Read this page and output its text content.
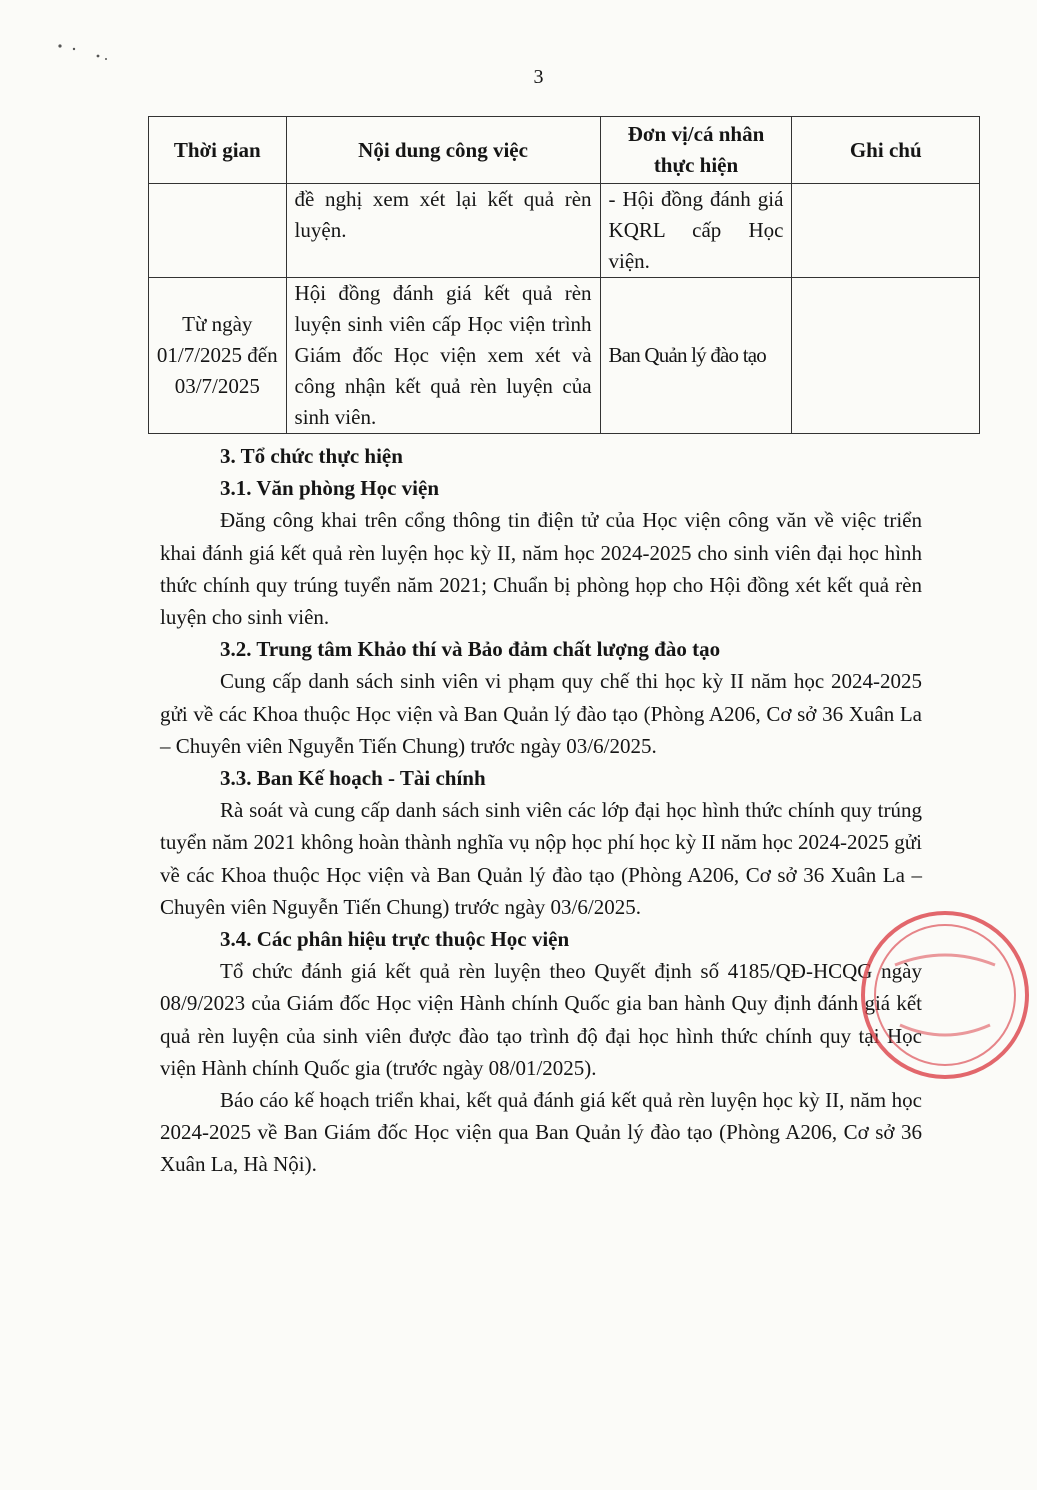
3
Thời gian	Nội dung công việc	Đơn vị/cá nhân thực hiện	Ghi chú
	đề nghị xem xét lại kết quả rèn luyện.	- Hội đồng đánh giá KQRL cấp Học viện.	
Từ ngày 01/7/2025 đến 03/7/2025	Hội đồng đánh giá kết quả rèn luyện sinh viên cấp Học viện trình Giám đốc Học viện xem xét và công nhận kết quả rèn luyện của sinh viên.	Ban Quản lý đào tạo	
3. Tổ chức thực hiện
3.1. Văn phòng Học viện

Đăng công khai trên cổng thông tin điện tử của Học viện công văn về việc triển khai đánh giá kết quả rèn luyện học kỳ II, năm học 2024-2025 cho sinh viên đại học hình thức chính quy trúng tuyển năm 2021; Chuẩn bị phòng họp cho Hội đồng xét kết quả rèn luyện cho sinh viên.

3.2. Trung tâm Khảo thí và Bảo đảm chất lượng đào tạo

Cung cấp danh sách sinh viên vi phạm quy chế thi học kỳ II năm học 2024-2025 gửi về các Khoa thuộc Học viện và Ban Quản lý đào tạo (Phòng A206, Cơ sở 36 Xuân La – Chuyên viên Nguyễn Tiến Chung) trước ngày 03/6/2025.

3.3. Ban Kế hoạch - Tài chính

Rà soát và cung cấp danh sách sinh viên các lớp đại học hình thức chính quy trúng tuyển năm 2021 không hoàn thành nghĩa vụ nộp học phí học kỳ II năm học 2024-2025 gửi về các Khoa thuộc Học viện và Ban Quản lý đào tạo (Phòng A206, Cơ sở 36 Xuân La – Chuyên viên Nguyễn Tiến Chung) trước ngày 03/6/2025.

3.4. Các phân hiệu trực thuộc Học viện

Tổ chức đánh giá kết quả rèn luyện theo Quyết định số 4185/QĐ-HCQG ngày 08/9/2023 của Giám đốc Học viện Hành chính Quốc gia ban hành Quy định đánh giá kết quả rèn luyện của sinh viên được đào tạo trình độ đại học hình thức chính quy tại Học viện Hành chính Quốc gia (trước ngày 08/01/2025).

Báo cáo kế hoạch triển khai, kết quả đánh giá kết quả rèn luyện học kỳ II, năm học 2024-2025 về Ban Giám đốc Học viện qua Ban Quản lý đào tạo (Phòng A206, Cơ sở 36 Xuân La, Hà Nội).
